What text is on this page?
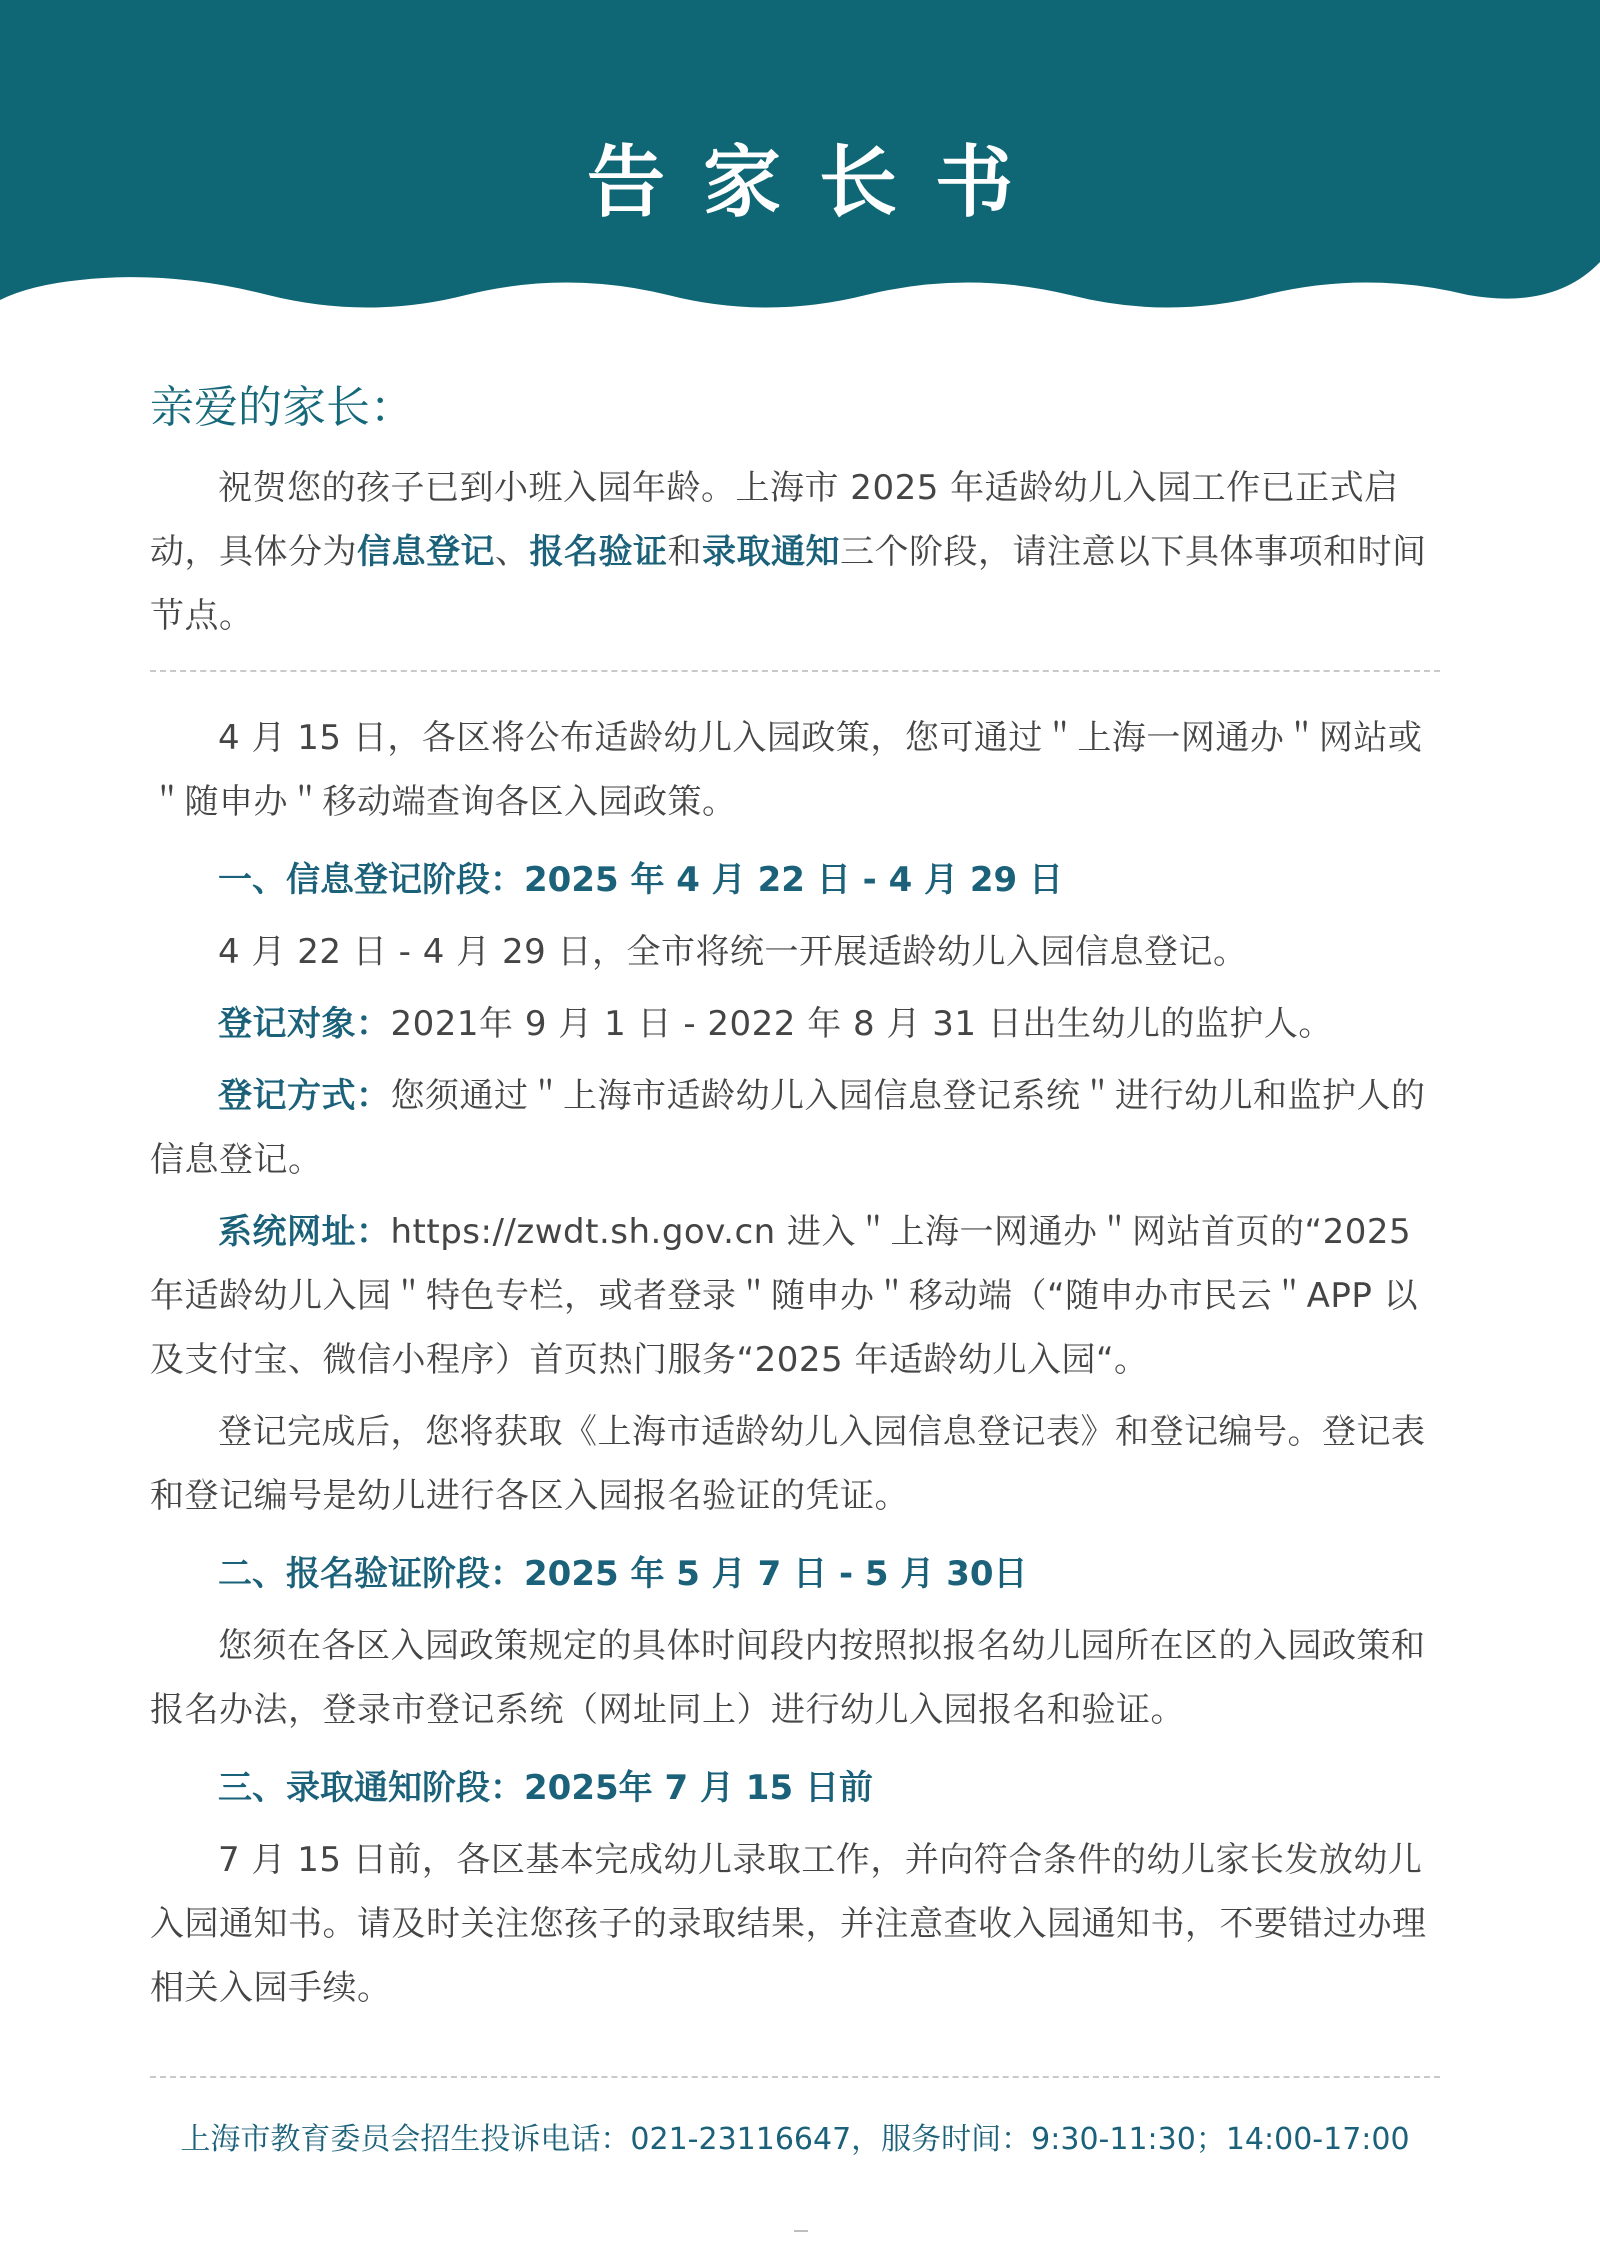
告家长书
亲爱的家长：

祝贺您的孩子已到小班入园年龄。上海市 2025 年适龄幼儿入园工作已正式启动，具体分为信息登记、报名验证和录取通知三个阶段，请注意以下具体事项和时间节点。

4 月 15 日，各区将公布适龄幼儿入园政策，您可通过＂上海一网通办＂网站或＂随申办＂移动端查询各区入园政策。

一、信息登记阶段：2025 年 4 月 22 日 - 4 月 29 日

4 月 22 日 - 4 月 29 日，全市将统一开展适龄幼儿入园信息登记。

登记对象：2021年 9 月 1 日 - 2022 年 8 月 31 日出生幼儿的监护人。

登记方式：您须通过＂上海市适龄幼儿入园信息登记系统＂进行幼儿和监护人的信息登记。

系统网址：https://zwdt.sh.gov.cn 进入＂上海一网通办＂网站首页的“2025 年适龄幼儿入园＂特色专栏，或者登录＂随申办＂移动端（“随申办市民云＂APP 以及支付宝、微信小程序）首页热门服务“2025 年适龄幼儿入园“。

登记完成后，您将获取《上海市适龄幼儿入园信息登记表》和登记编号。登记表和登记编号是幼儿进行各区入园报名验证的凭证。

二、报名验证阶段：2025 年 5 月 7 日 - 5 月 30日

您须在各区入园政策规定的具体时间段内按照拟报名幼儿园所在区的入园政策和报名办法，登录市登记系统（网址同上）进行幼儿入园报名和验证。

三、录取通知阶段：2025年 7 月 15 日前

7 月 15 日前，各区基本完成幼儿录取工作，并向符合条件的幼儿家长发放幼儿入园通知书。请及时关注您孩子的录取结果，并注意查收入园通知书，不要错过办理相关入园手续。

上海市教育委员会招生投诉电话：021-23116647，服务时间：9:30-11:30；14:00-17:00
